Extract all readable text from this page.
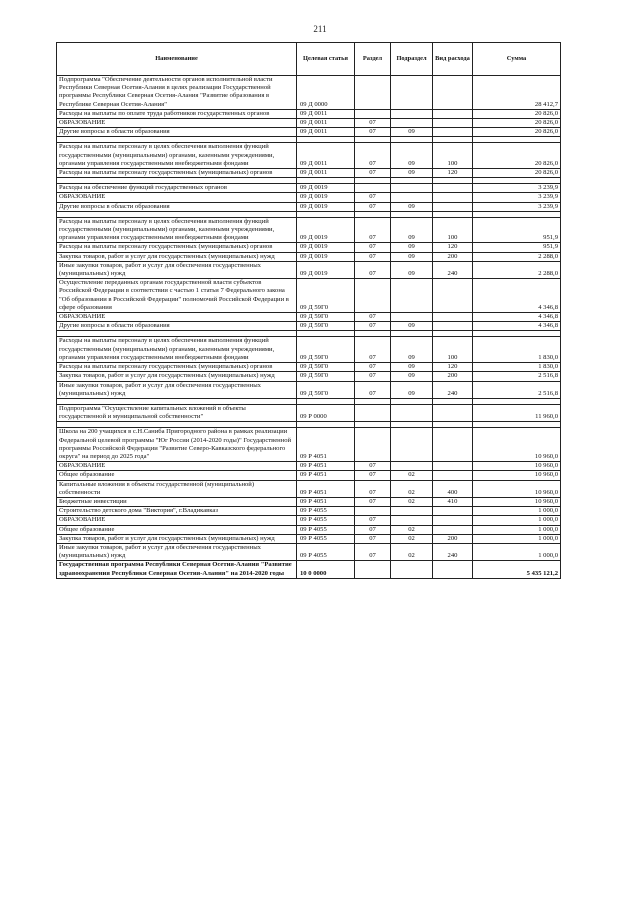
211
Наименование	Целевая статья	Раздел	Подраздел	Вид расхода	Сумма
Подпрограмма "Обеспечение деятельности органов исполнительной власти Республики Северная Осетия-Алания в целях реализации Государственной программы Республики Северная Осетия-Алания "Развитие образования в Республике Северная Осетия-Алания"	09 Д 0000				28 412,7
Расходы на выплаты по оплате труда работников государственных органов	09 Д 0011				20 826,0
ОБРАЗОВАНИЕ	09 Д 0011	07			20 826,0
Другие вопросы в области образования	09 Д 0011	07	09		20 826,0

Расходы на выплаты персоналу в целях обеспечения выполнения функций государственными (муниципальными) органами, казенными учреждениями, органами управления государственными внебюджетными фондами	09 Д 0011	07	09	100	20 826,0
Расходы на выплаты персоналу государственных (муниципальных) органов	09 Д 0011	07	09	120	20 826,0

Расходы на обеспечение функций государственных органов	09 Д 0019				3 239,9
ОБРАЗОВАНИЕ	09 Д 0019	07			3 239,9
Другие вопросы в области образования	09 Д 0019	07	09		3 239,9

Расходы на выплаты персоналу в целях обеспечения выполнения функций государственными (муниципальными) органами, казенными учреждениями, органами управления государственными внебюджетными фондами	09 Д 0019	07	09	100	951,9
Расходы на выплаты персоналу государственных (муниципальных) органов	09 Д 0019	07	09	120	951,9
Закупка товаров, работ и услуг для государственных (муниципальных) нужд	09 Д 0019	07	09	200	2 288,0
Иные закупки товаров, работ и услуг для обеспечения государственных (муниципальных) нужд	09 Д 0019	07	09	240	2 288,0
Осуществление переданных органам государственной власти субъектов Российской Федерации в соответствии с частью 1 статьи 7 Федерального закона "Об образовании в Российской Федерации" полномочий Российской Федерации в сфере образования	09 Д 59Г0				4 346,8
ОБРАЗОВАНИЕ	09 Д 59Г0	07			4 346,8
Другие вопросы в области образования	09 Д 59Г0	07	09		4 346,8

Расходы на выплаты персоналу в целях обеспечения выполнения функций государственными (муниципальными) органами, казенными учреждениями, органами управления государственными внебюджетными фондами	09 Д 59Г0	07	09	100	1 830,0
Расходы на выплаты персоналу государственных (муниципальных) органов	09 Д 59Г0	07	09	120	1 830,0
Закупка товаров, работ и услуг для государственных (муниципальных) нужд	09 Д 59Г0	07	09	200	2 516,8
Иные закупки товаров, работ и услуг для обеспечения государственных (муниципальных) нужд	09 Д 59Г0	07	09	240	2 516,8

Подпрограмма "Осуществление капитальных вложений в объекты государственной и муниципальной собственности"	09 Р 0000				11 960,0

Школа на 200 учащихся в с.Н.Саниба Пригородного района в рамках реализации Федеральной целевой программы "Юг России (2014-2020 годы)" Государственной программы Российской Федерации "Развитие Северо-Кавказского федерального округа" на период до 2025 года"	09 Р 4051				10 960,0
ОБРАЗОВАНИЕ	09 Р 4051	07			10 960,0
Общее образование	09 Р 4051	07	02		10 960,0
Капитальные вложения в объекты государственной (муниципальной) собственности	09 Р 4051	07	02	400	10 960,0
Бюджетные инвестиции	09 Р 4051	07	02	410	10 960,0
Строительство детского дома "Виктория", г.Владикавказ	09 Р 4055				1 000,0
ОБРАЗОВАНИЕ	09 Р 4055	07			1 000,0
Общее образование	09 Р 4055	07	02		1 000,0
Закупка товаров, работ и услуг для государственных (муниципальных) нужд	09 Р 4055	07	02	200	1 000,0
Иные закупки товаров, работ и услуг для обеспечения государственных (муниципальных) нужд	09 Р 4055	07	02	240	1 000,0
Государственная программа Республики Северная Осетия-Алания "Развитие здравоохранения Республики Северная Осетия-Алания" на 2014-2020 годы	10 0 0000				5 435 121,2
